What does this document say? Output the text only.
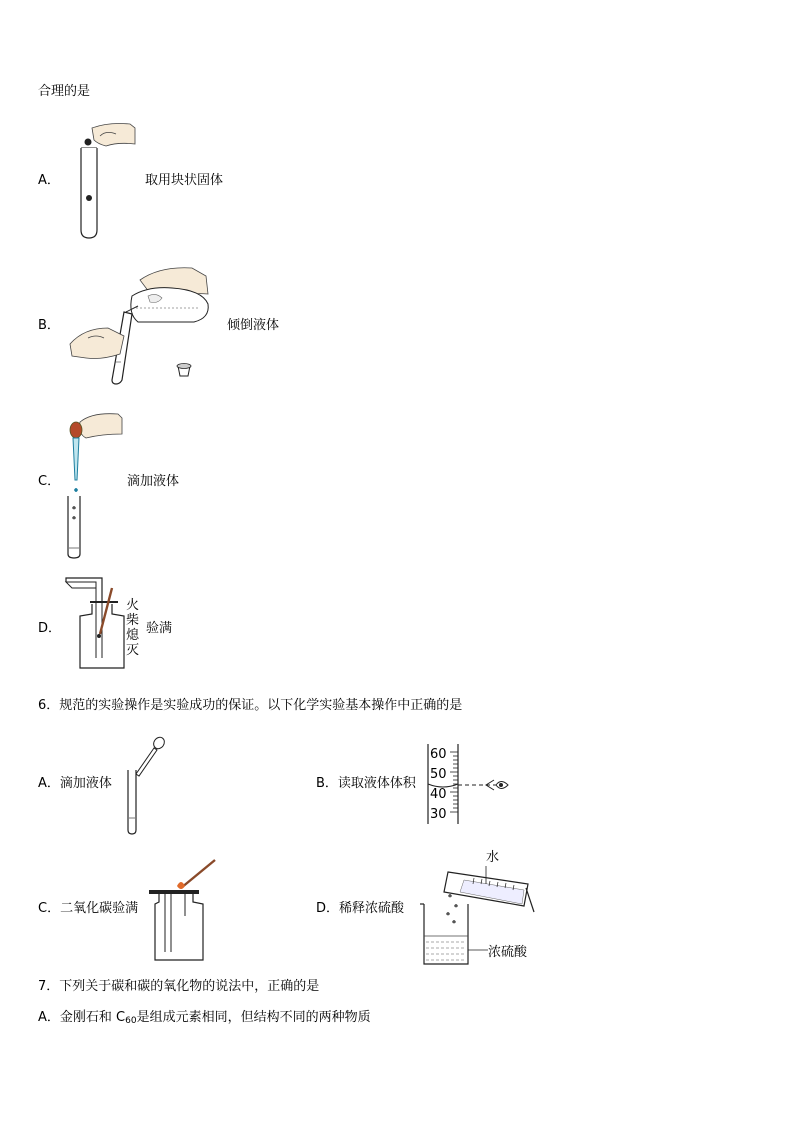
合理的是
A．	取用块状固体
B．	倾倒液体
C．	滴加液体
D．
火
柴
熄
灭
验满
6．规范的实验操作是实验成功的保证。以下化学实验基本操作中正确的是
A．滴加液体	B．读取液体体积
60
50
40
30
C．二氧化碳验满	D．稀释浓硫酸
水
浓硫酸
7．下列关于碳和碳的氧化物的说法中，正确的是
A．金刚石和 $C_{60}$是组成元素相同，但结构不同的两种物质
